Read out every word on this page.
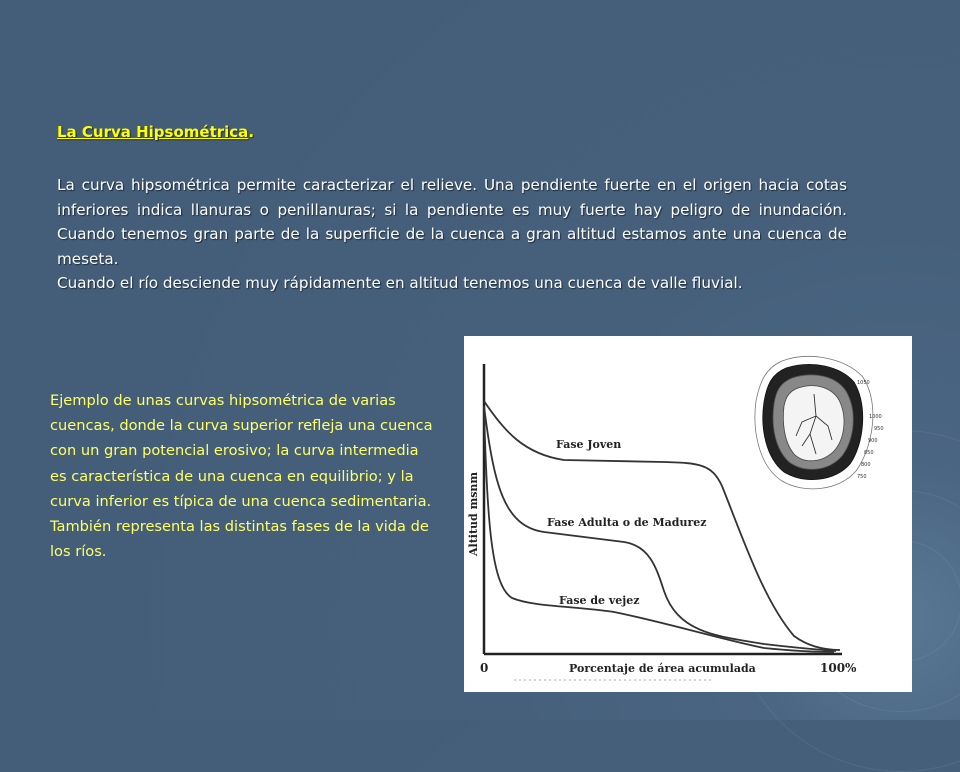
La Curva Hipsométrica.

La curva hipsométrica permite caracterizar el relieve. Una pendiente fuerte en el origen hacia cotas inferiores indica llanuras o penillanuras; si la pendiente es muy fuerte hay peligro de inundación. Cuando tenemos gran parte de la superficie de la cuenca a gran altitud estamos ante una cuenca de meseta.

Cuando el río desciende muy rápidamente en altitud tenemos una cuenca de valle fluvial.

Ejemplo de unas curvas hipsométrica de varias cuencas, donde la curva superior refleja una cuenca con un gran potencial erosivo; la curva intermedia es característica de una cuenca en equilibrio; y la curva inferior es típica de una cuenca sedimentaria. También representa las distintas fases de la vida de los ríos.

Fase Joven
Fase Adulta o de Madurez
Fase de vejez
Altitud msnm
Porcentaje de área acumulada
0	100%
1050
1000
950
900
850
800
750
